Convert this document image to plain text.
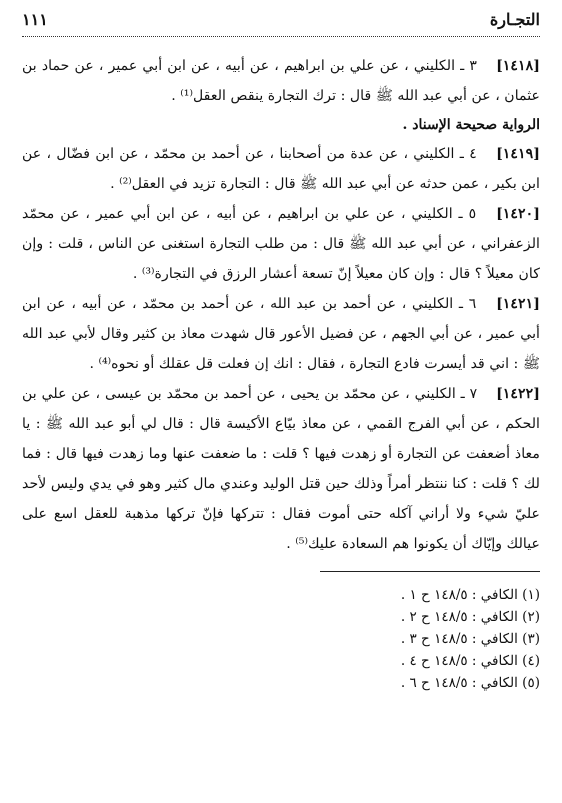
التجـارة
١١١

[١٤١٨] ٣ ـ الكليني ، عن علي بن ابراهيم ، عن أبيه ، عن ابن أبي عمير ، عن حماد بن عثمان ، عن أبي عبد الله ﷺ قال : ترك التجارة ينقص العقل⁽¹⁾ .

الرواية صحيحة الإسناد .

[١٤١٩] ٤ ـ الكليني ، عن عدة من أصحابنا ، عن أحمد بن محمّد ، عن ابن فضّال ، عن ابن بكير ، عمن حدثه عن أبي عبد الله ﷺ قال : التجارة تزيد في العقل⁽²⁾ .

[١٤٢٠] ٥ ـ الكليني ، عن علي بن ابراهيم ، عن أبيه ، عن ابن أبي عمير ، عن محمّد الزعفراني ، عن أبي عبد الله ﷺ قال : من طلب التجارة استغنى عن الناس ، قلت : وإن كان معيلاً ؟ قال : وإن كان معيلاً إنّ تسعة أعشار الرزق في التجارة⁽³⁾ .

[١٤٢١] ٦ ـ الكليني ، عن أحمد بن عبد الله ، عن أحمد بن محمّد ، عن أبيه ، عن ابن أبي عمير ، عن أبي الجهم ، عن فضيل الأعور قال شهدت معاذ بن كثير وقال لأبي عبد الله ﷺ : اني قد أيسرت فادع التجارة ، فقال : انك إن فعلت قل عقلك أو نحوه⁽⁴⁾ .

[١٤٢٢] ٧ ـ الكليني ، عن محمّد بن يحيى ، عن أحمد بن محمّد بن عيسى ، عن علي بن الحكم ، عن أبي الفرج القمي ، عن معاذ بيّاع الأكيسة قال : قال لي أبو عبد الله ﷺ : يا معاذ أضعفت عن التجارة أو زهدت فيها ؟ قلت : ما ضعفت عنها وما زهدت فيها قال : فما لك ؟ قلت : كنا ننتظر أمراً وذلك حين قتل الوليد وعندي مال كثير وهو في يدي وليس لأحد عليّ شيء ولا أراني آكله حتى أموت فقال : تتركها فإنّ تركها مذهبة للعقل اسع على عيالك وإيّاك أن يكونوا هم السعادة عليك⁽⁵⁾ .

(١) الكافي : ١٤٨/٥ ح ١ .
(٢) الكافي : ١٤٨/٥ ح ٢ .
(٣) الكافي : ١٤٨/٥ ح ٣ .
(٤) الكافي : ١٤٨/٥ ح ٤ .
(٥) الكافي : ١٤٨/٥ ح ٦ .
